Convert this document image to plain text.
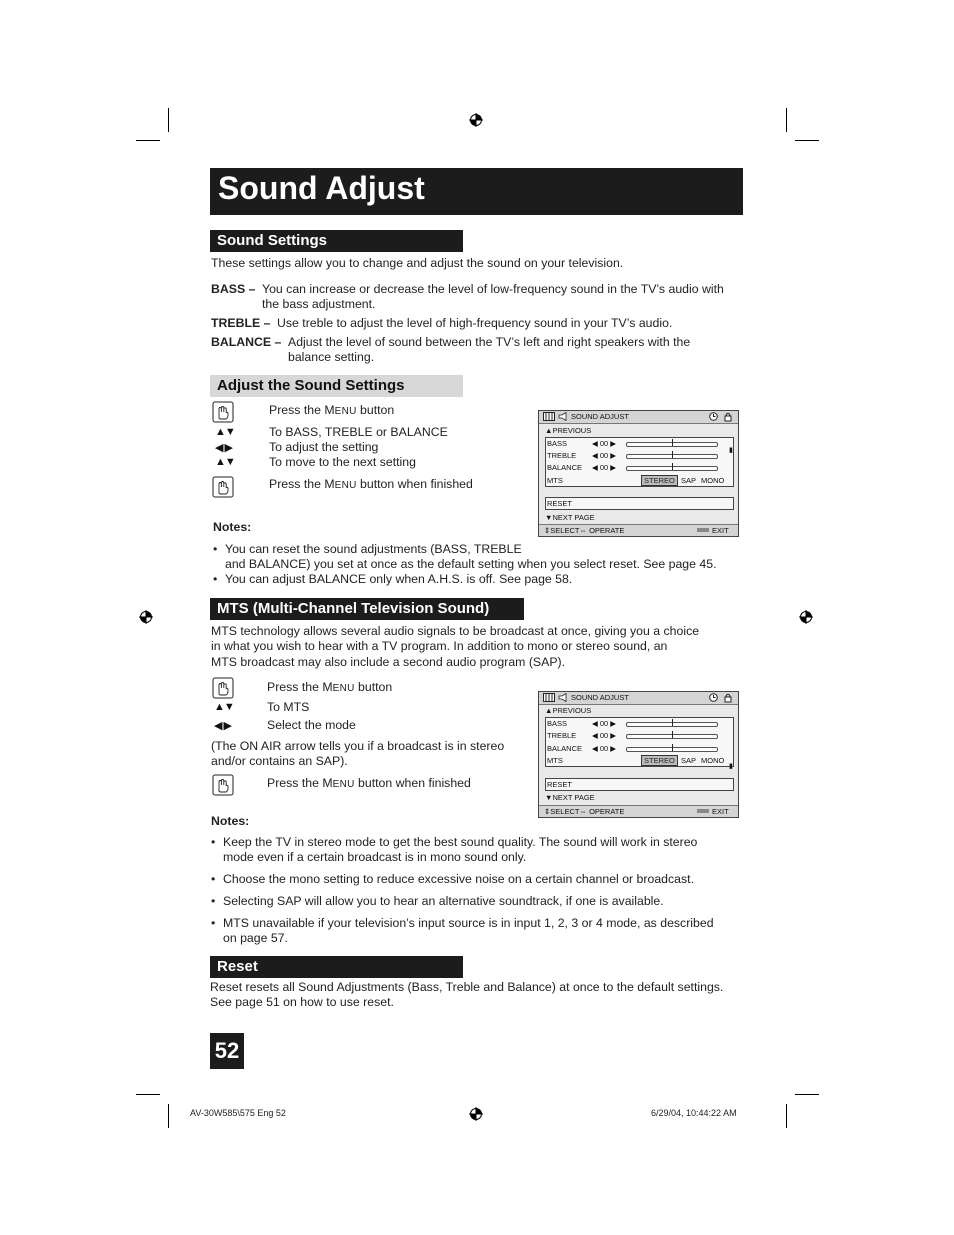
Sound Adjust
Sound Settings
These settings allow you to change and adjust the sound on your television.
BASS – You can increase or decrease the level of low-frequency sound in the TV’s audio with
the bass adjustment.
TREBLE – Use treble to adjust the level of high-frequency sound in your TV’s audio.
BALANCE – Adjust the level of sound between the TV’s left and right speakers with the
balance setting.
Adjust the Sound Settings
Press the MENU button
▲▼	To BASS, TREBLE or BALANCE
◀ ▶	To adjust the setting
▲▼	To move to the next setting
Press the MENU button when finished
SOUND ADJUST
▲PREVIOUS
BASS	◀ 00 ▶
TREBLE ◀ 00 ▶
BALANCE ◀ 00 ▶
MTS	STEREO SAP MONO
▮
RESET
▼NEXT PAGE
⇕SELECT⇔ OPERATE	EXIT
Notes:
• You can reset the sound adjustments (BASS, TREBLE
and BALANCE) you set at once as the default setting when you select reset. See page 45.
• You can adjust BALANCE only when A.H.S. is off. See page 58.
MTS (Multi-Channel Television Sound)
MTS technology allows several audio signals to be broadcast at once, giving you a choice
in what you wish to hear with a TV program. In addition to mono or stereo sound, an
MTS broadcast may also include a second audio program (SAP).
Press the MENU button
▲▼	To MTS
◀ ▶	Select the mode
(The ON AIR arrow tells you if a broadcast is in stereo
and/or contains an SAP).
Press the MENU button when finished
SOUND ADJUST
▲PREVIOUS
BASS	◀ 00 ▶
TREBLE ◀ 00 ▶
BALANCE ◀ 00 ▶
MTS	STEREO SAP MONO
▮
RESET
▼NEXT PAGE
⇕SELECT⇔ OPERATE	EXIT
Notes:
• Keep the TV in stereo mode to get the best sound quality. The sound will work in stereo
mode even if a certain broadcast is in mono sound only.
• Choose the mono setting to reduce excessive noise on a certain channel or broadcast.
• Selecting SAP will allow you to hear an alternative soundtrack, if one is available.
• MTS unavailable if your television’s input source is in input 1, 2, 3 or 4 mode, as described
on page 57.
Reset
Reset resets all Sound Adjustments (Bass, Treble and Balance) at once to the default settings.
See page 51 on how to use reset.
52
AV-30W585\575 Eng 52	6/29/04, 10:44:22 AM
